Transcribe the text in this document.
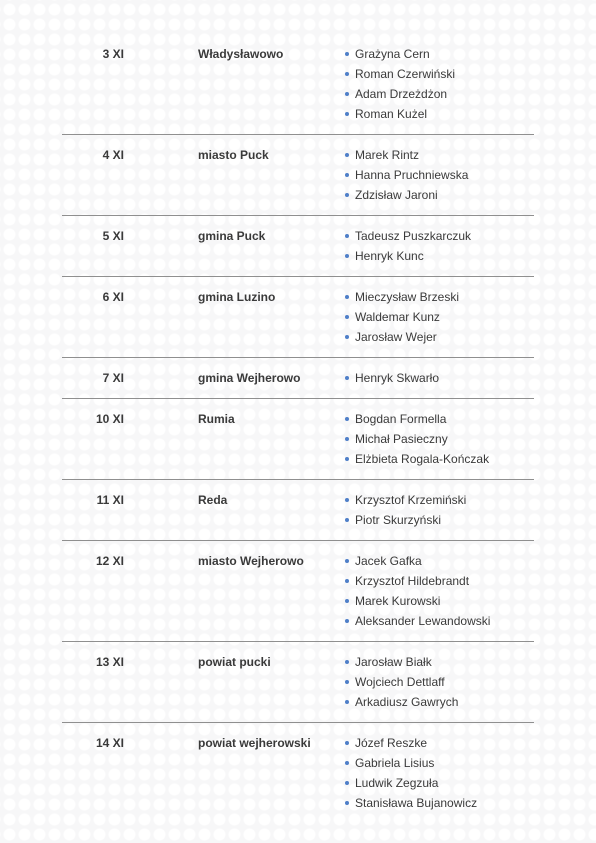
3 XI	Władysławowo	Grażyna Cern
Roman Czerwiński
Adam Drzeżdżon
Roman Kużel
4 XI	miasto Puck	Marek Rintz
Hanna Pruchniewska
Zdzisław Jaroni
5 XI	gmina Puck	Tadeusz Puszkarczuk
Henryk Kunc
6 XI	gmina Luzino	Mieczysław Brzeski
Waldemar Kunz
Jarosław Wejer
7 XI	gmina Wejherowo	Henryk Skwarło
10 XI	Rumia	Bogdan Formella
Michał Pasieczny
Elżbieta Rogala-Kończak
11 XI	Reda	Krzysztof Krzemiński
Piotr Skurzyński
12 XI	miasto Wejherowo	Jacek Gafka
Krzysztof Hildebrandt
Marek Kurowski
Aleksander Lewandowski
13 XI	powiat pucki	Jarosław Białk
Wojciech Dettlaff
Arkadiusz Gawrych
14 XI	powiat wejherowski	Józef Reszke
Gabriela Lisius
Ludwik Zegzuła
Stanisława Bujanowicz
